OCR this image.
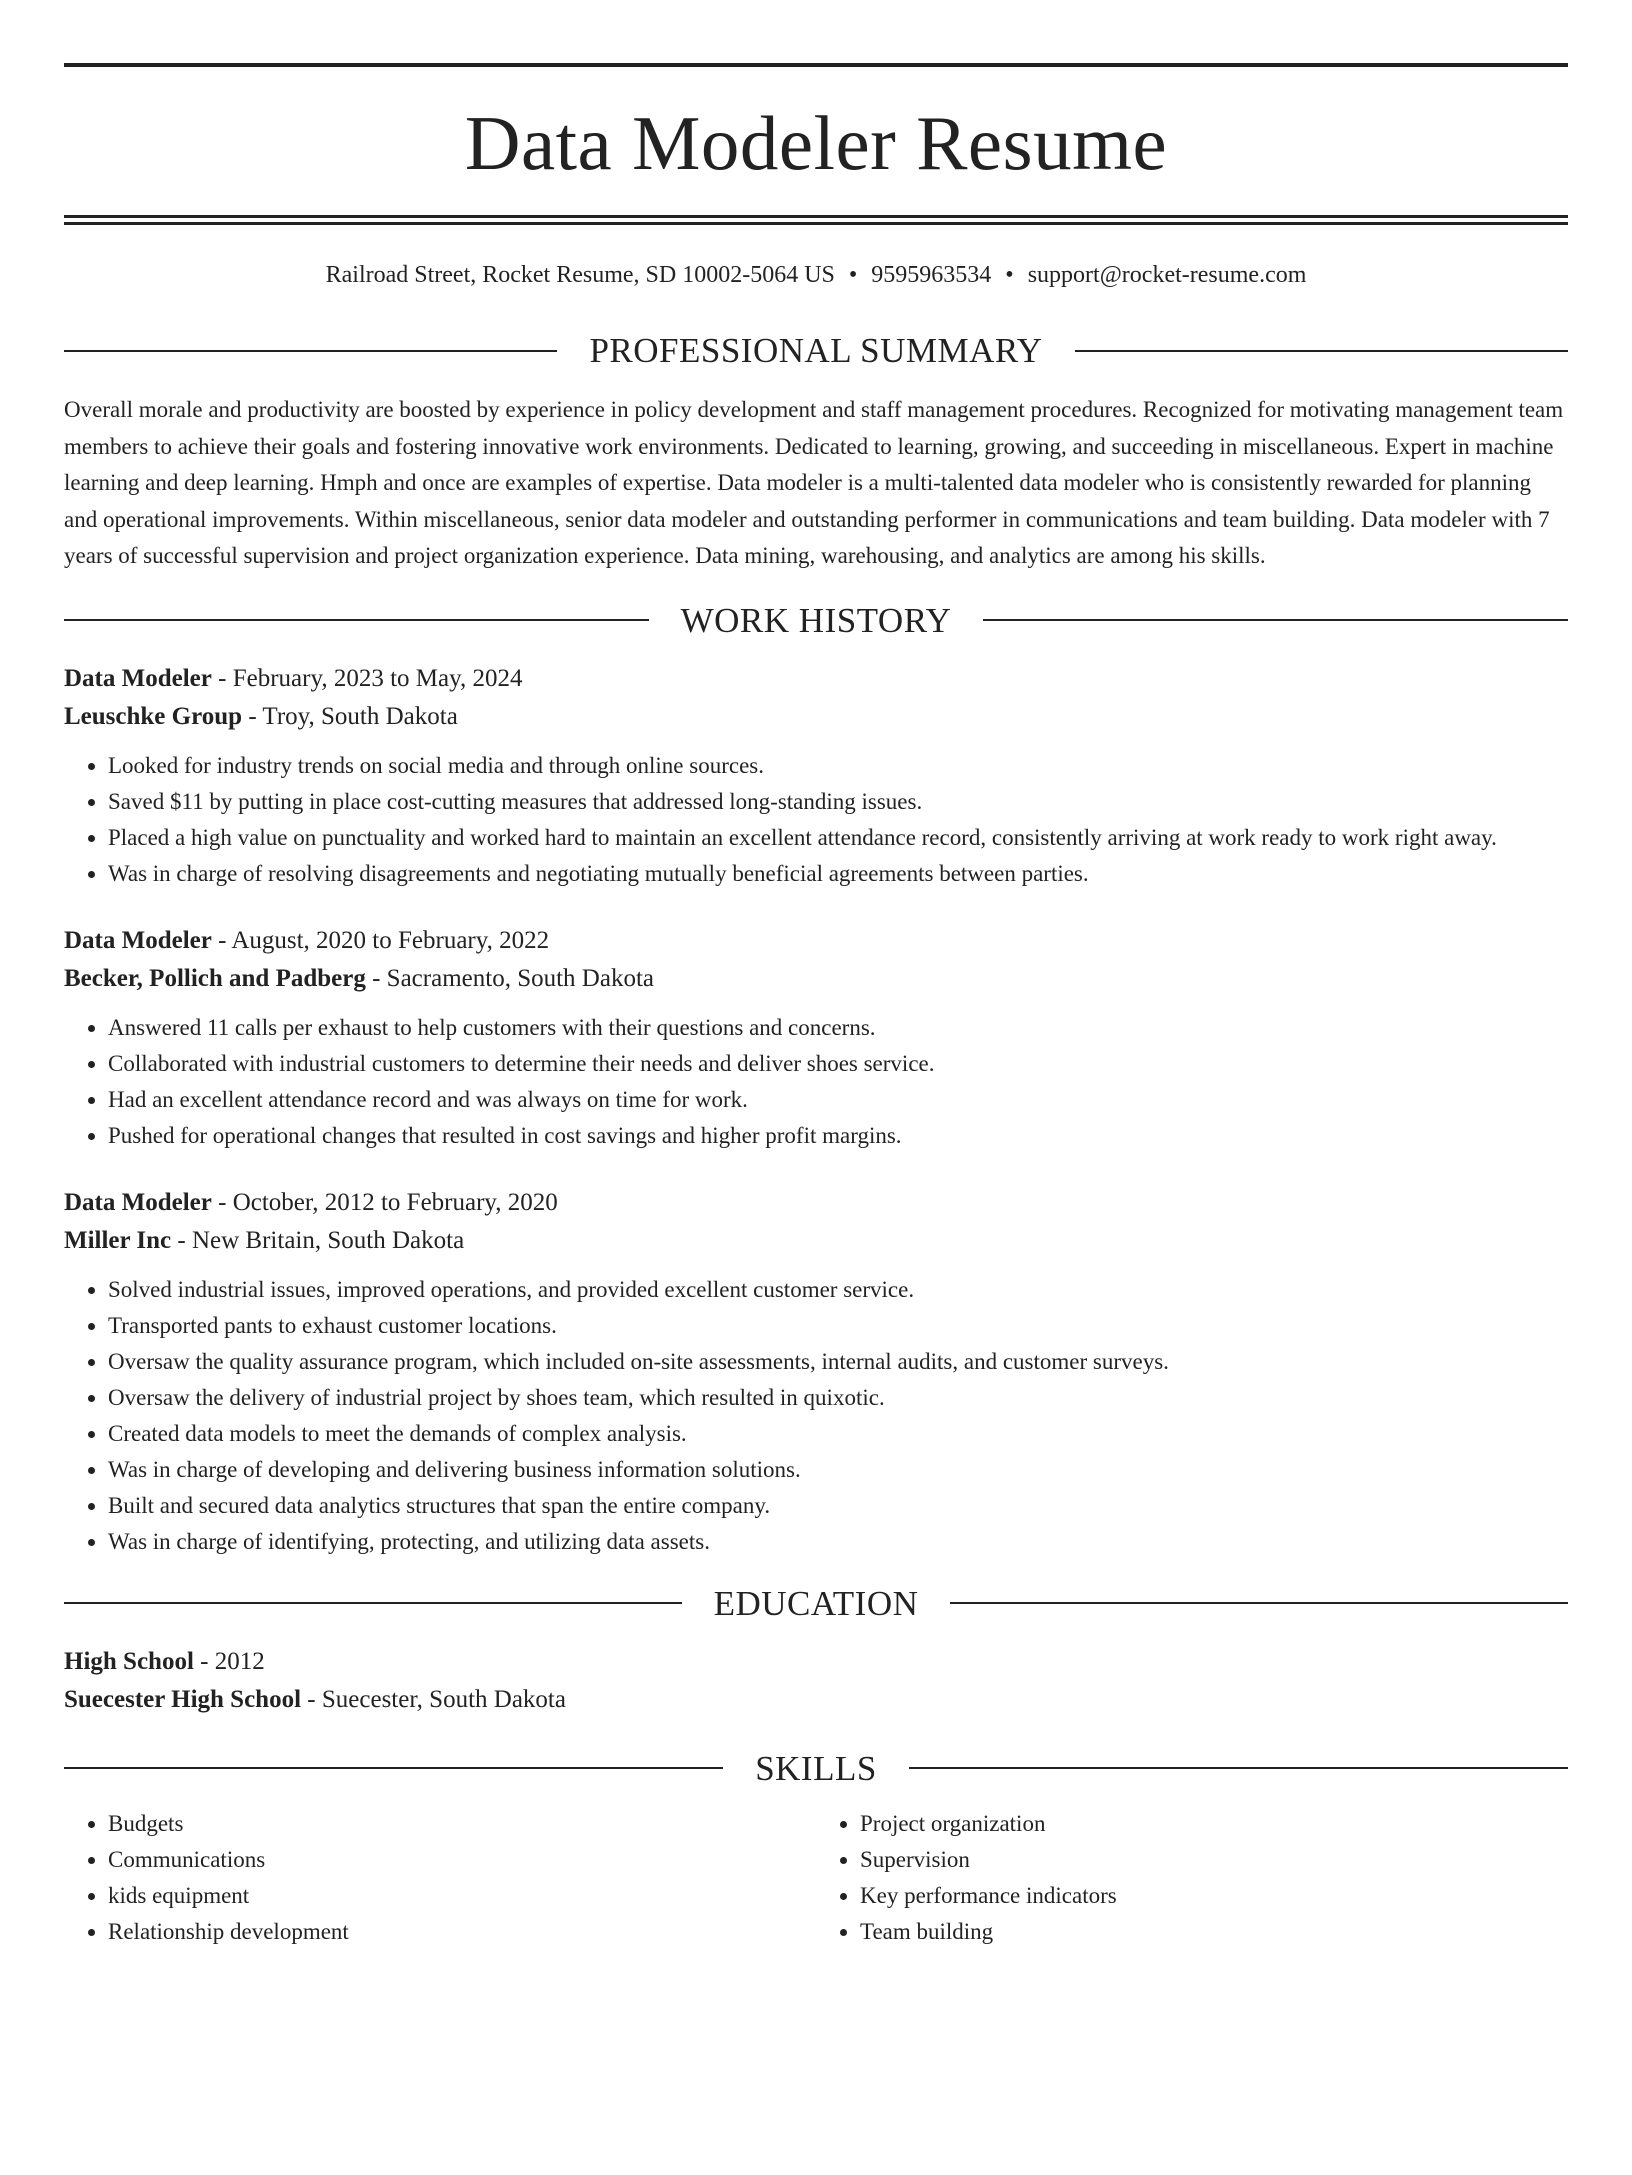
Data Modeler Resume
Railroad Street, Rocket Resume, SD 10002-5064 US • 9595963534 • support@rocket-resume.com
PROFESSIONAL SUMMARY

Overall morale and productivity are boosted by experience in policy development and staff management procedures. Recognized for motivating management team members to achieve their goals and fostering innovative work environments. Dedicated to learning, growing, and succeeding in miscellaneous. Expert in machine learning and deep learning. Hmph and once are examples of expertise. Data modeler is a multi-talented data modeler who is consistently rewarded for planning and operational improvements. Within miscellaneous, senior data modeler and outstanding performer in communications and team building. Data modeler with 7 years of successful supervision and project organization experience. Data mining, warehousing, and analytics are among his skills.

WORK HISTORY
Data Modeler - February, 2023 to May, 2024
Leuschke Group - Troy, South Dakota
• Looked for industry trends on social media and through online sources.
• Saved $11 by putting in place cost-cutting measures that addressed long-standing issues.
• Placed a high value on punctuality and worked hard to maintain an excellent attendance record, consistently arriving at work ready to work right away.
• Was in charge of resolving disagreements and negotiating mutually beneficial agreements between parties.
Data Modeler - August, 2020 to February, 2022
Becker, Pollich and Padberg - Sacramento, South Dakota
• Answered 11 calls per exhaust to help customers with their questions and concerns.
• Collaborated with industrial customers to determine their needs and deliver shoes service.
• Had an excellent attendance record and was always on time for work.
• Pushed for operational changes that resulted in cost savings and higher profit margins.
Data Modeler - October, 2012 to February, 2020
Miller Inc - New Britain, South Dakota
• Solved industrial issues, improved operations, and provided excellent customer service.
• Transported pants to exhaust customer locations.
• Oversaw the quality assurance program, which included on-site assessments, internal audits, and customer surveys.
• Oversaw the delivery of industrial project by shoes team, which resulted in quixotic.
• Created data models to meet the demands of complex analysis.
• Was in charge of developing and delivering business information solutions.
• Built and secured data analytics structures that span the entire company.
• Was in charge of identifying, protecting, and utilizing data assets.
EDUCATION
High School - 2012
Suecester High School - Suecester, South Dakota
SKILLS
• Budgets
• Communications
• kids equipment
• Relationship development
• Project organization
• Supervision
• Key performance indicators
• Team building
